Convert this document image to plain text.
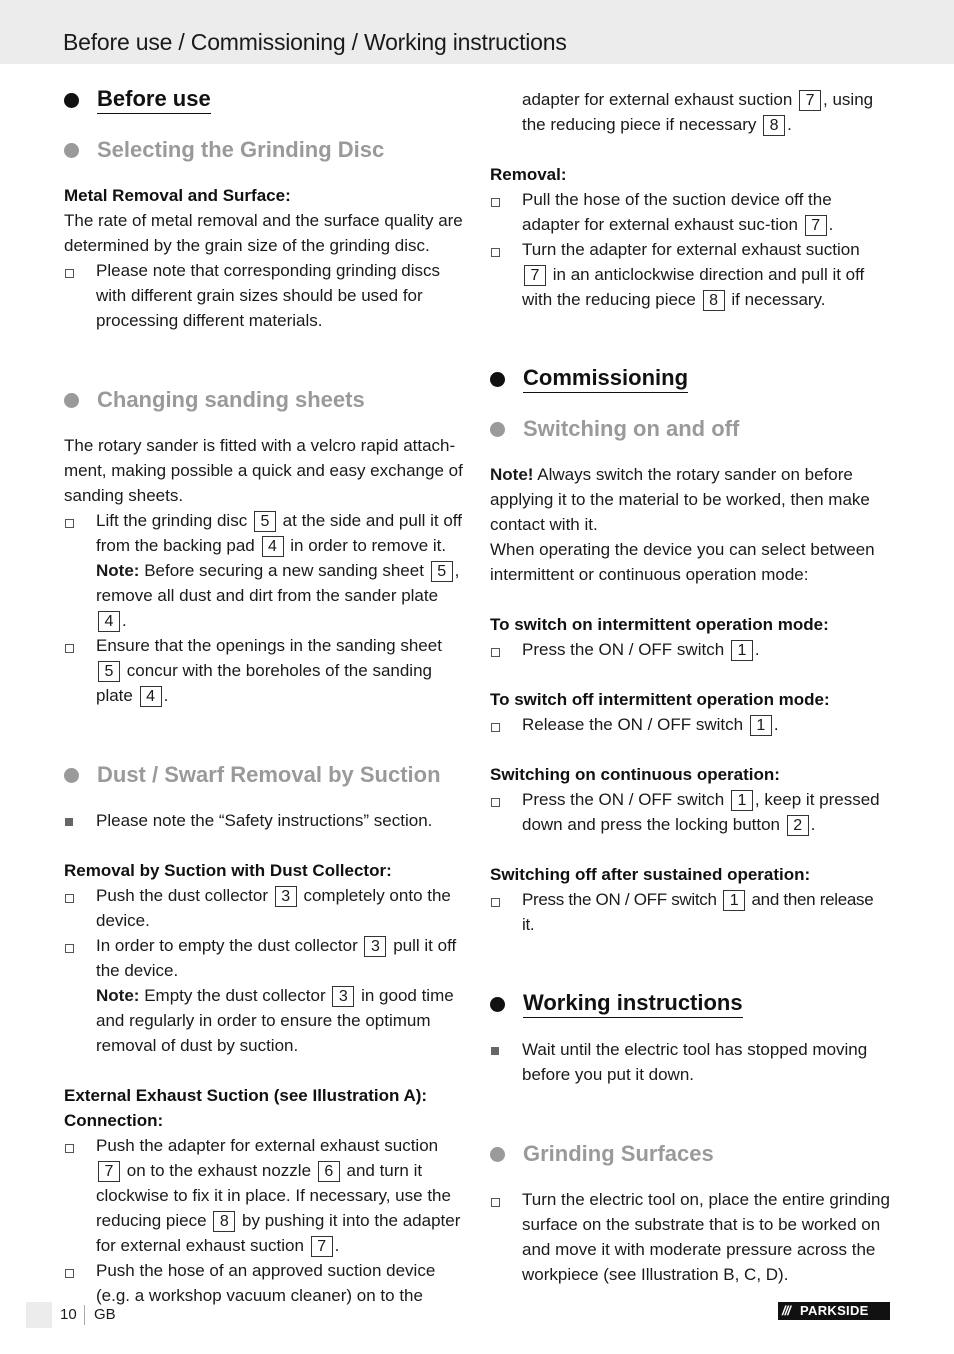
Before use / Commissioning / Working instructions
Before use
Selecting the Grinding Disc
Metal Removal and Surface:
The rate of metal removal and the surface quality are determined by the grain size of the grinding disc.
Please note that corresponding grinding discs with different grain sizes should be used for processing different materials.
Changing sanding sheets
The rotary sander is fitted with a velcro rapid attach-ment, making possible a quick and easy exchange of sanding sheets.
Lift the grinding disc 5 at the side and pull it off from the backing pad 4 in order to remove it.
Note: Before securing a new sanding sheet 5 , remove all dust and dirt from the sander plate 4 .
Ensure that the openings in the sanding sheet 5 concur with the boreholes of the sanding plate 4 .
Dust / Swarf Removal by Suction
Please note the “Safety instructions” section.
Removal by Suction with Dust Collector:
Push the dust collector 3 completely onto the device.
In order to empty the dust collector 3 pull it off the device.
Note: Empty the dust collector 3 in good time and regularly in order to ensure the optimum removal of dust by suction.
External Exhaust Suction (see Illustration A):
Connection:
Push the adapter for external exhaust suction 7 on to the exhaust nozzle 6 and turn it clockwise to fix it in place. If necessary, use the reducing piece 8 by pushing it into the adapter for external exhaust suction 7 .
Push the hose of an approved suction device (e.g. a workshop vacuum cleaner) on to the
adapter for external exhaust suction 7 , using the reducing piece if necessary 8 .
Removal:
Pull the hose of the suction device off the adapter for external exhaust suc-tion 7 .
Turn the adapter for external exhaust suction 7 in an anticlockwise direction and pull it off with the reducing piece 8 if necessary.
Commissioning
Switching on and off
Note! Always switch the rotary sander on before applying it to the material to be worked, then make contact with it.
When operating the device you can select between intermittent or continuous operation mode:
To switch on intermittent operation mode:
Press the ON / OFF switch 1 .
To switch off intermittent operation mode:
Release the ON / OFF switch 1 .
Switching on continuous operation:
Press the ON / OFF switch 1 , keep it pressed down and press the locking button 2 .
Switching off after sustained operation:
Press the ON / OFF switch 1 and then release it.
Working instructions
Wait until the electric tool has stopped moving before you put it down.
Grinding Surfaces
Turn the electric tool on, place the entire grinding surface on the substrate that is to be worked on and move it with moderate pressure across the workpiece (see Illustration B, C, D).
10 GB	/// PARKSIDE
